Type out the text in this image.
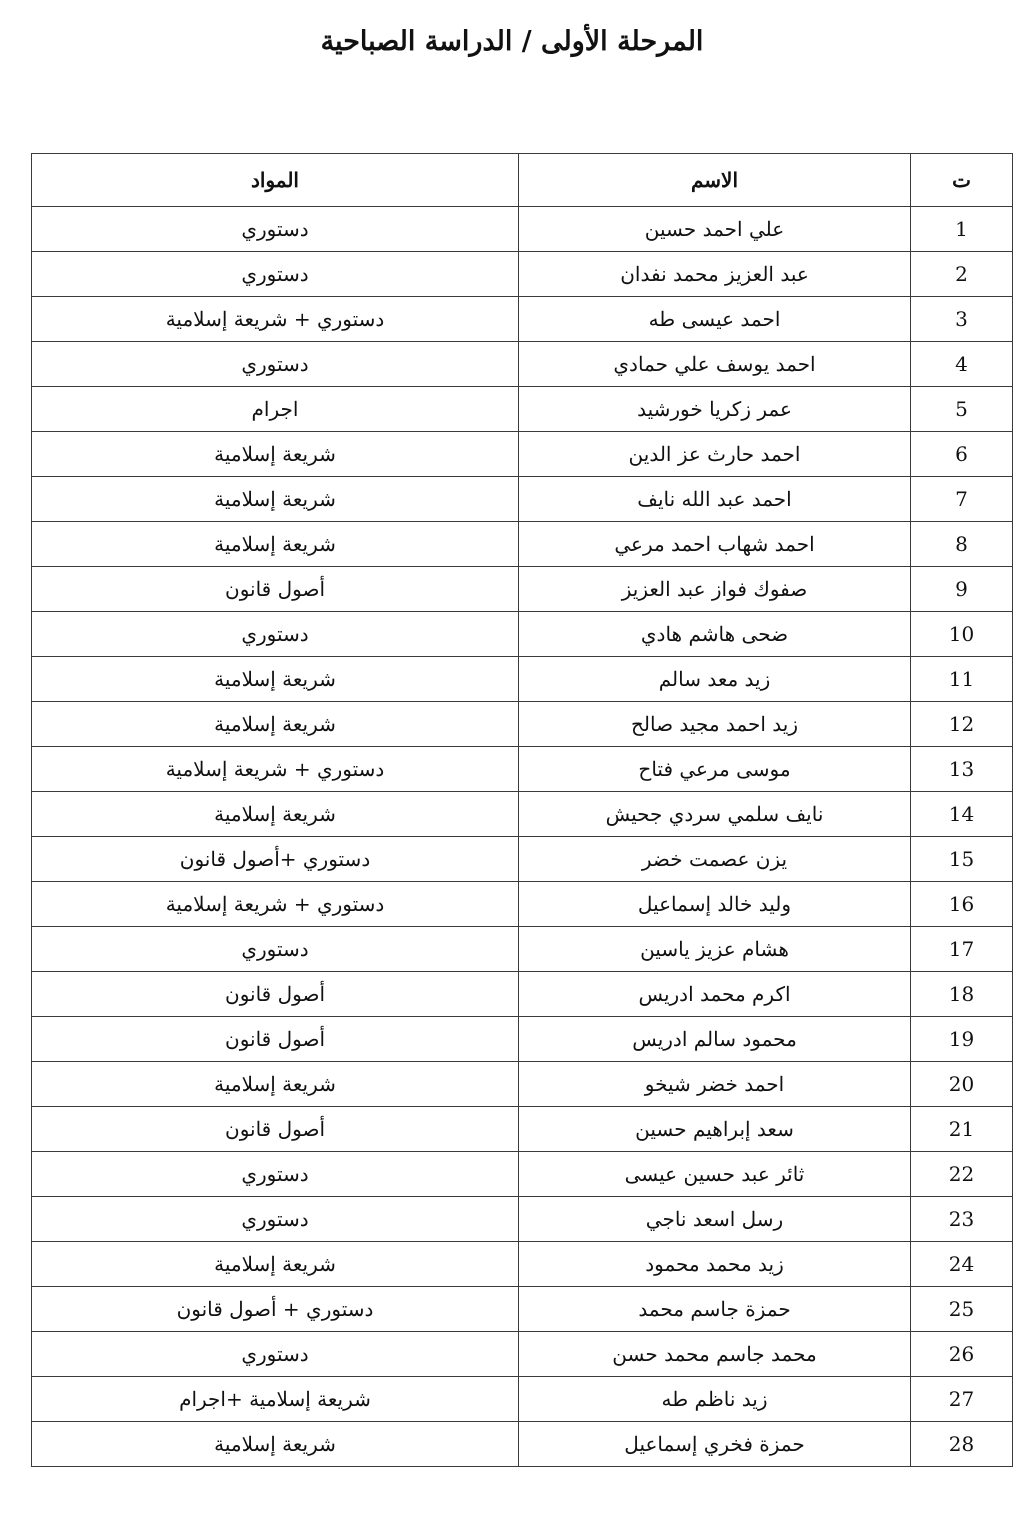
المرحلة الأولى / الدراسة الصباحية
ت	الاسم	المواد
1	علي احمد حسين	دستوري
2	عبد العزيز محمد نفدان	دستوري
3	احمد عيسى طه	دستوري + شريعة إسلامية
4	احمد يوسف علي حمادي	دستوري
5	عمر زكريا خورشيد	اجرام
6	احمد حارث عز الدين	شريعة إسلامية
7	احمد عبد الله نايف	شريعة إسلامية
8	احمد شهاب احمد مرعي	شريعة إسلامية
9	صفوك فواز عبد العزيز	أصول قانون
10	ضحى هاشم هادي	دستوري
11	زيد معد سالم	شريعة إسلامية
12	زيد احمد مجيد صالح	شريعة إسلامية
13	موسى مرعي فتاح	دستوري + شريعة إسلامية
14	نايف سلمي سردي جحيش	شريعة إسلامية
15	يزن عصمت خضر	دستوري +أصول قانون
16	وليد خالد إسماعيل	دستوري + شريعة إسلامية
17	هشام عزيز ياسين	دستوري
18	اكرم محمد ادريس	أصول قانون
19	محمود سالم ادريس	أصول قانون
20	احمد خضر شيخو	شريعة إسلامية
21	سعد إبراهيم حسين	أصول قانون
22	ثائر عبد حسين عيسى	دستوري
23	رسل اسعد ناجي	دستوري
24	زيد محمد محمود	شريعة إسلامية
25	حمزة جاسم محمد	دستوري + أصول قانون
26	محمد جاسم محمد حسن	دستوري
27	زيد ناظم طه	شريعة إسلامية +اجرام
28	حمزة فخري إسماعيل	شريعة إسلامية
